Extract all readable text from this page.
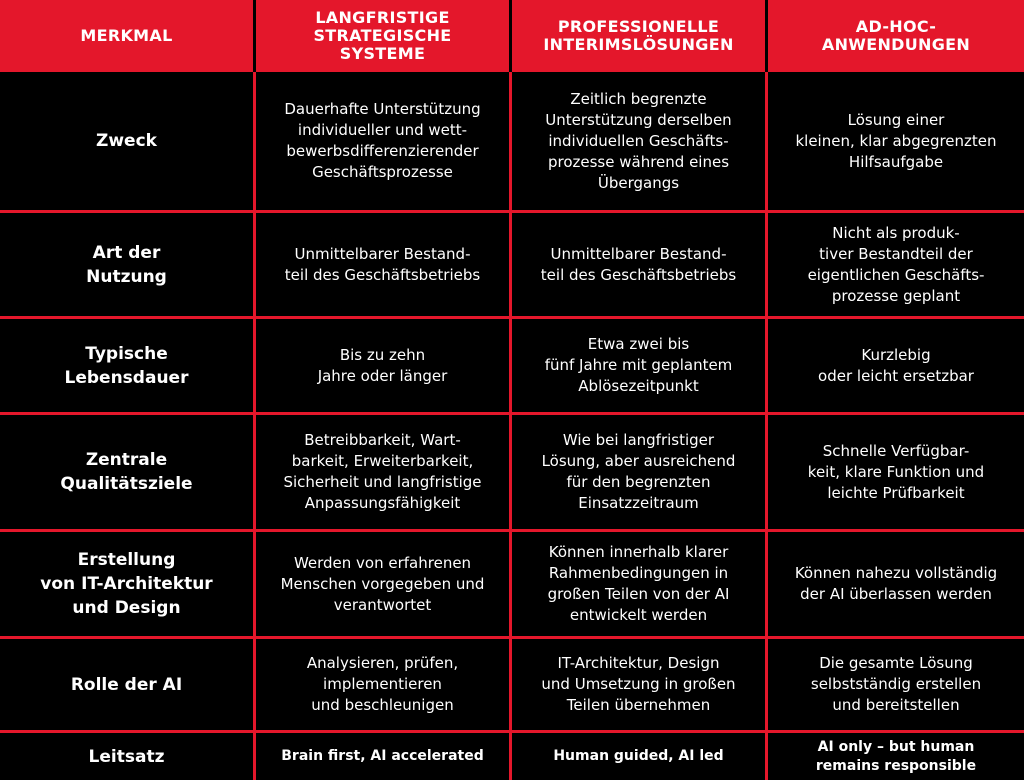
MERKMAL
LANGFRISTIGE
STRATEGISCHE
SYSTEME
PROFESSIONELLE
INTERIMSLÖSUNGEN
AD-HOC-
ANWENDUNGEN
Zweck
Dauerhafte Unterstützung
individueller und wett-
bewerbsdifferenzierender
Geschäftsprozesse
Zeitlich begrenzte
Unterstützung derselben
individuellen Geschäfts-
prozesse während eines
Übergangs
Lösung einer
kleinen, klar abgegrenzten
Hilfsaufgabe
Art der
Nutzung
Unmittelbarer Bestand-
teil des Geschäftsbetriebs
Unmittelbarer Bestand-
teil des Geschäftsbetriebs
Nicht als produk-
tiver Bestandteil der
eigentlichen Geschäfts-
prozesse geplant
Typische
Lebensdauer
Bis zu zehn
Jahre oder länger
Etwa zwei bis
fünf Jahre mit geplantem
Ablösezeitpunkt
Kurzlebig
oder leicht ersetzbar
Zentrale
Qualitätsziele
Betreibbarkeit, Wart-
barkeit, Erweiterbarkeit,
Sicherheit und langfristige
Anpassungsfähigkeit
Wie bei langfristiger
Lösung, aber ausreichend
für den begrenzten
Einsatzzeitraum
Schnelle Verfügbar-
keit, klare Funktion und
leichte Prüfbarkeit
Erstellung
von IT-Architektur
und Design
Werden von erfahrenen
Menschen vorgegeben und
verantwortet
Können innerhalb klarer
Rahmenbedingungen in
großen Teilen von der AI
entwickelt werden
Können nahezu vollständig
der AI überlassen werden
Rolle der AI
Analysieren, prüfen,
implementieren
und beschleunigen
IT-Architektur, Design
und Umsetzung in großen
Teilen übernehmen
Die gesamte Lösung
selbstständig erstellen
und bereitstellen
Leitsatz	Brain first, AI accelerated	Human guided, AI led
AI only – but human
remains responsible
